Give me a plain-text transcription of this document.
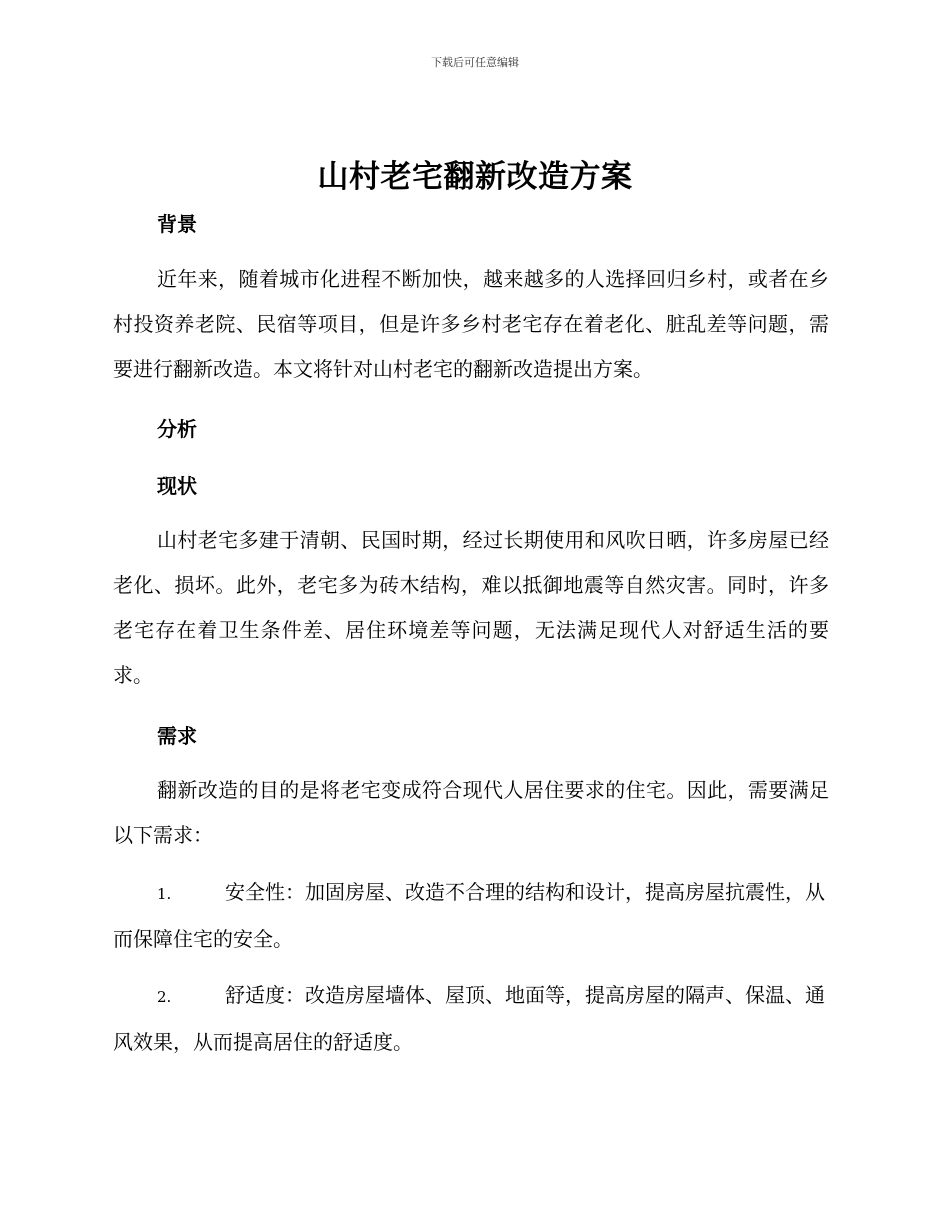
下载后可任意编辑
山村老宅翻新改造方案
背景

近年来，随着城市化进程不断加快，越来越多的人选择回归乡村，或者在乡村投资养老院、民宿等项目，但是许多乡村老宅存在着老化、脏乱差等问题，需要进行翻新改造。本文将针对山村老宅的翻新改造提出方案。

分析
现状

山村老宅多建于清朝、民国时期，经过长期使用和风吹日晒，许多房屋已经老化、损坏。此外，老宅多为砖木结构，难以抵御地震等自然灾害。同时，许多老宅存在着卫生条件差、居住环境差等问题，无法满足现代人对舒适生活的要求。

需求

翻新改造的目的是将老宅变成符合现代人居住要求的住宅。因此，需要满足以下需求：

1.	安全性：加固房屋、改造不合理的结构和设计，提高房屋抗震性，从而保障住宅的安全。

2.	舒适度：改造房屋墙体、屋顶、地面等，提高房屋的隔声、保温、通风效果，从而提高居住的舒适度。
